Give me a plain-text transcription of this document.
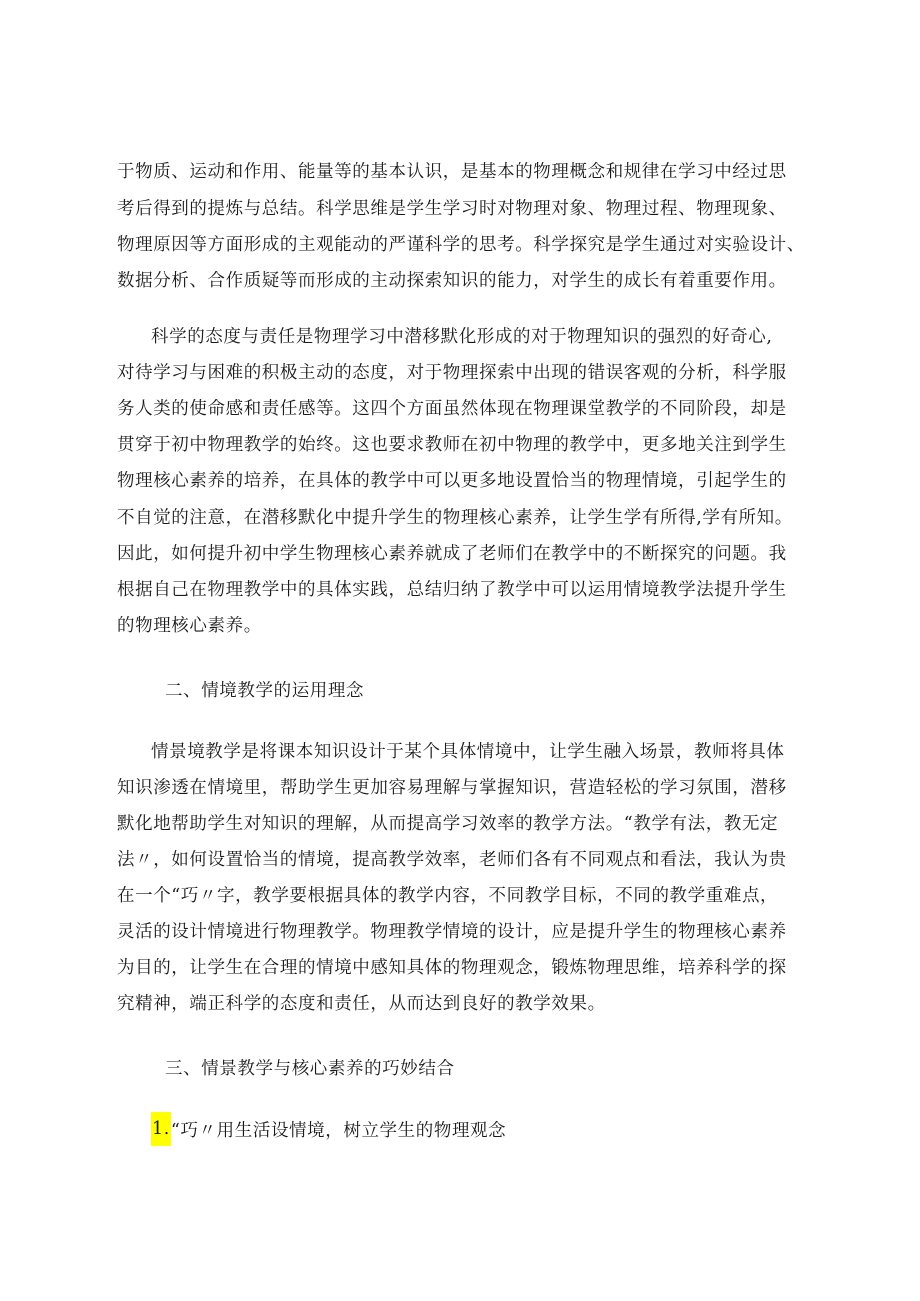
于物质、运动和作用、能量等的基本认识，是基本的物理概念和规律在学习中经过思
考后得到的提炼与总结。科学思维是学生学习时对物理对象、物理过程、物理现象、
物理原因等方面形成的主观能动的严谨科学的思考。科学探究是学生通过对实验设计、
数据分析、合作质疑等而形成的主动探索知识的能力，对学生的成长有着重要作用。
科学的态度与责任是物理学习中潜移默化形成的对于物理知识的强烈的好奇心,
对待学习与困难的积极主动的态度，对于物理探索中出现的错误客观的分析，科学服
务人类的使命感和责任感等。这四个方面虽然体现在物理课堂教学的不同阶段，却是
贯穿于初中物理教学的始终。这也要求教师在初中物理的教学中，更多地关注到学生
物理核心素养的培养，在具体的教学中可以更多地设置恰当的物理情境，引起学生的
不自觉的注意，在潜移默化中提升学生的物理核心素养，让学生学有所得,学有所知。
因此，如何提升初中学生物理核心素养就成了老师们在教学中的不断探究的问题。我
根据自己在物理教学中的具体实践，总结归纳了教学中可以运用情境教学法提升学生
的物理核心素养。
二、情境教学的运用理念
情景境教学是将课本知识设计于某个具体情境中，让学生融入场景，教师将具体
知识渗透在情境里，帮助学生更加容易理解与掌握知识，营造轻松的学习氛围，潜移
默化地帮助学生对知识的理解，从而提高学习效率的教学方法。“教学有法，教无定
法〃，如何设置恰当的情境，提高教学效率，老师们各有不同观点和看法，我认为贵
在一个“巧〃字，教学要根据具体的教学内容，不同教学目标，不同的教学重难点，
灵活的设计情境进行物理教学。物理教学情境的设计，应是提升学生的物理核心素养
为目的，让学生在合理的情境中感知具体的物理观念，锻炼物理思维，培养科学的探
究精神，端正科学的态度和责任，从而达到良好的教学效果。
三、情景教学与核心素养的巧妙结合
1.“巧〃用生活设情境，树立学生的物理观念
